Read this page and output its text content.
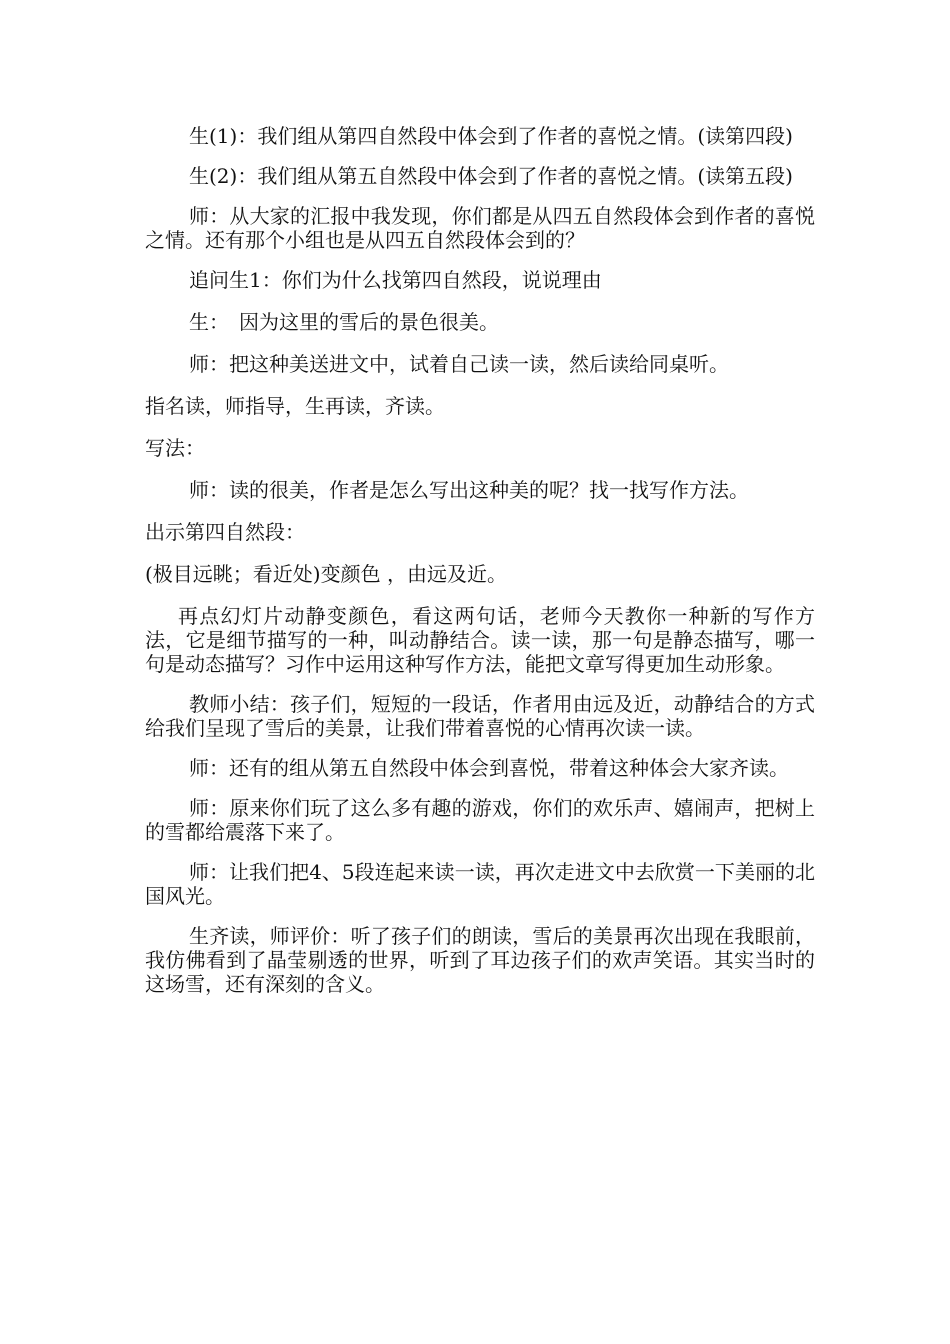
生(1)：我们组从第四自然段中体会到了作者的喜悦之情。(读第四段)

生(2)：我们组从第五自然段中体会到了作者的喜悦之情。(读第五段)

师：从大家的汇报中我发现，你们都是从四五自然段体会到作者的喜悦之情。还有那个小组也是从四五自然段体会到的？

追问生1：你们为什么找第四自然段，说说理由

生：　因为这里的雪后的景色很美。

师：把这种美送进文中，试着自己读一读，然后读给同桌听。

指名读，师指导，生再读，齐读。

写法：

师：读的很美，作者是怎么写出这种美的呢？找一找写作方法。

出示第四自然段：

(极目远眺；看近处)变颜色 ，由远及近。

再点幻灯片动静变颜色，看这两句话，老师今天教你一种新的写作方法，它是细节描写的一种，叫动静结合。读一读，那一句是静态描写，哪一句是动态描写？习作中运用这种写作方法，能把文章写得更加生动形象。

教师小结：孩子们，短短的一段话，作者用由远及近，动静结合的方式给我们呈现了雪后的美景，让我们带着喜悦的心情再次读一读。

师：还有的组从第五自然段中体会到喜悦，带着这种体会大家齐读。

师：原来你们玩了这么多有趣的游戏，你们的欢乐声、嬉闹声，把树上的雪都给震落下来了。

师：让我们把4、5段连起来读一读，再次走进文中去欣赏一下美丽的北国风光。

生齐读，师评价：听了孩子们的朗读，雪后的美景再次出现在我眼前，我仿佛看到了晶莹剔透的世界，听到了耳边孩子们的欢声笑语。其实当时的这场雪，还有深刻的含义。
